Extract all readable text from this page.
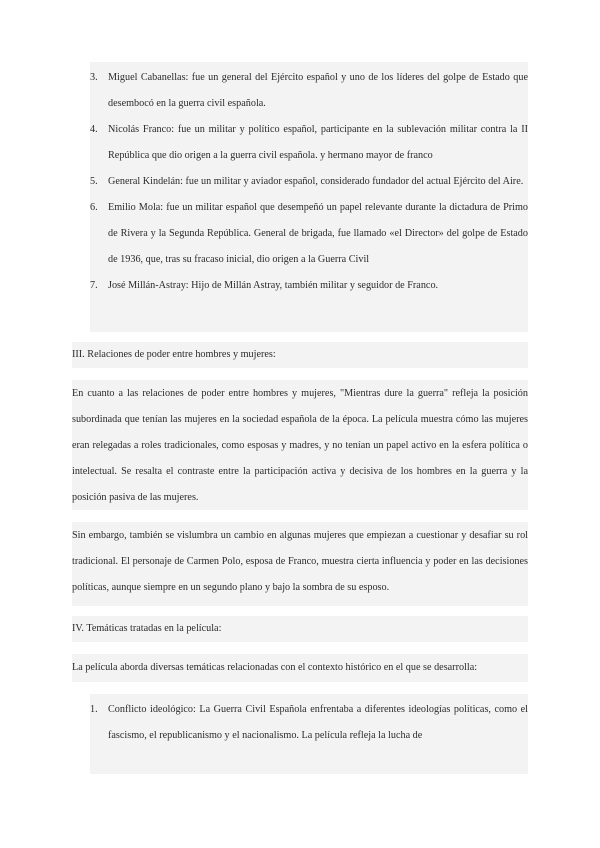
3. Miguel Cabanellas: fue un general del Ejército español y uno de los líderes del golpe de Estado que desembocó en la guerra civil española.
4. Nicolás Franco: fue un militar y político español, participante en la sublevación militar contra la II República que dio origen a la guerra civil española. y hermano mayor de franco
5. General Kindelán: fue un militar y aviador español, considerado fundador del actual Ejército del Aire.
6. Emilio Mola: fue un militar español que desempeñó un papel relevante durante la dictadura de Primo de Rivera y la Segunda República. General de brigada, fue llamado «el Director» del golpe de Estado de 1936, que, tras su fracaso inicial, dio origen a la Guerra Civil
7. José Millán-Astray: Hijo de Millán Astray, también militar y seguidor de Franco.

III. Relaciones de poder entre hombres y mujeres:

En cuanto a las relaciones de poder entre hombres y mujeres, "Mientras dure la guerra" refleja la posición subordinada que tenían las mujeres en la sociedad española de la época. La película muestra cómo las mujeres eran relegadas a roles tradicionales, como esposas y madres, y no tenían un papel activo en la esfera política o intelectual. Se resalta el contraste entre la participación activa y decisiva de los hombres en la guerra y la posición pasiva de las mujeres.

Sin embargo, también se vislumbra un cambio en algunas mujeres que empiezan a cuestionar y desafiar su rol tradicional. El personaje de Carmen Polo, esposa de Franco, muestra cierta influencia y poder en las decisiones políticas, aunque siempre en un segundo plano y bajo la sombra de su esposo.

IV. Temáticas tratadas en la película:

La película aborda diversas temáticas relacionadas con el contexto histórico en el que se desarrolla:

1. Conflicto ideológico: La Guerra Civil Española enfrentaba a diferentes ideologías políticas, como el fascismo, el republicanismo y el nacionalismo. La película refleja la lucha de
